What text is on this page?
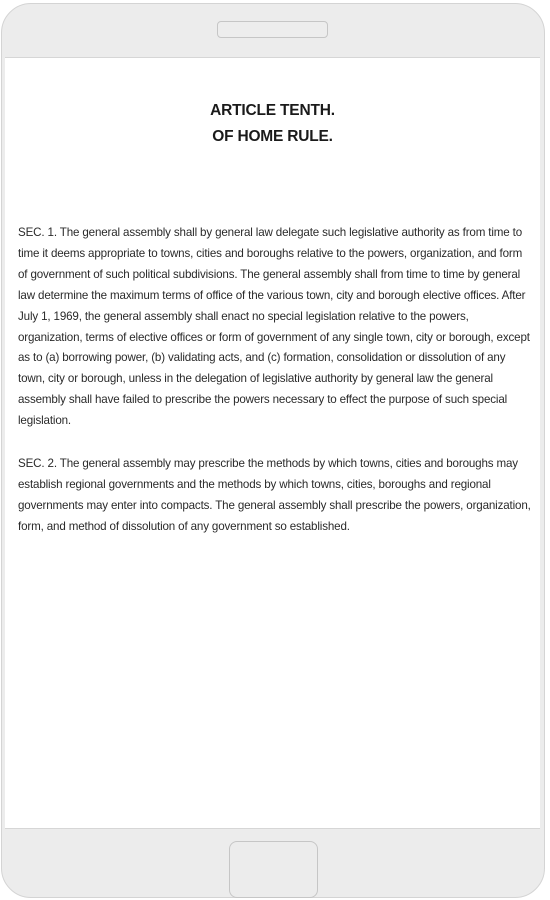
ARTICLE TENTH.
OF HOME RULE.

SEC. 1. The general assembly shall by general law delegate such legislative authority as from time to time it deems appropriate to towns, cities and boroughs relative to the powers, organization, and form of government of such political subdivisions. The general assembly shall from time to time by general law determine the maximum terms of office of the various town, city and borough elective offices. After July 1, 1969, the general assembly shall enact no special legislation relative to the powers, organization, terms of elective offices or form of government of any single town, city or borough, except as to (a) borrowing power, (b) validating acts, and (c) formation, consolidation or dissolution of any town, city or borough, unless in the delegation of legislative authority by general law the general assembly shall have failed to prescribe the powers necessary to effect the purpose of such special legislation.

SEC. 2. The general assembly may prescribe the methods by which towns, cities and boroughs may establish regional governments and the methods by which towns, cities, boroughs and regional governments may enter into compacts. The general assembly shall prescribe the powers, organization, form, and method of dissolution of any government so established.
